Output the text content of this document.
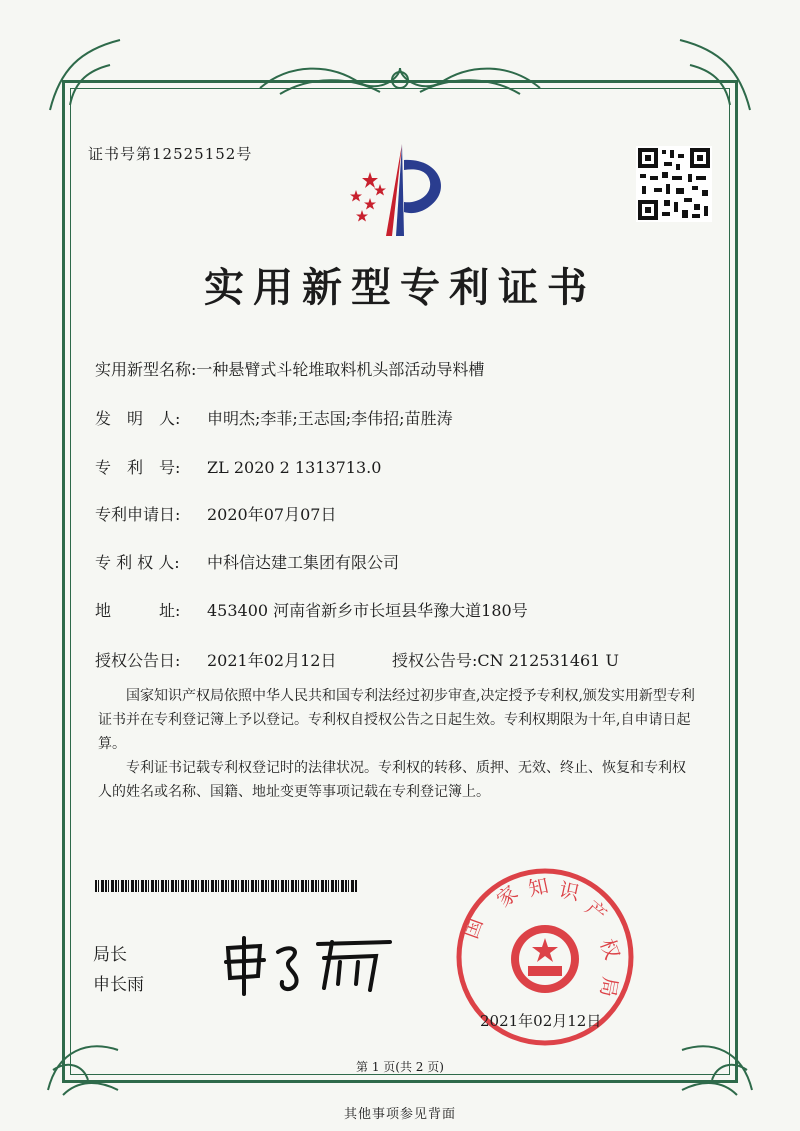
证书号第12525152号
实用新型专利证书
实用新型名称:一种悬臂式斗轮堆取料机头部活动导料槽
发　明　人: 申明杰;李菲;王志国;李伟招;苗胜涛
专　利　号: ZL 2020 2 1313713.0
专利申请日: 2020年07月07日
专 利 权 人: 中科信达建工集团有限公司
地　　　址: 453400 河南省新乡市长垣县华豫大道180号
授权公告日: 2021年02月12日	授权公告号:CN 212531461 U
国家知识产权局依照中华人民共和国专利法经过初步审查,决定授予专利权,颁发实用新型专利证书并在专利登记簿上予以登记。专利权自授权公告之日起生效。专利权期限为十年,自申请日起算。
专利证书记载专利权登记时的法律状况。专利权的转移、质押、无效、终止、恢复和专利权人的姓名或名称、国籍、地址变更等事项记载在专利登记簿上。
局长
申长雨
家 知 识
产
权
局
国
2021年02月12日
第 1 页(共 2 页)
其他事项参见背面
